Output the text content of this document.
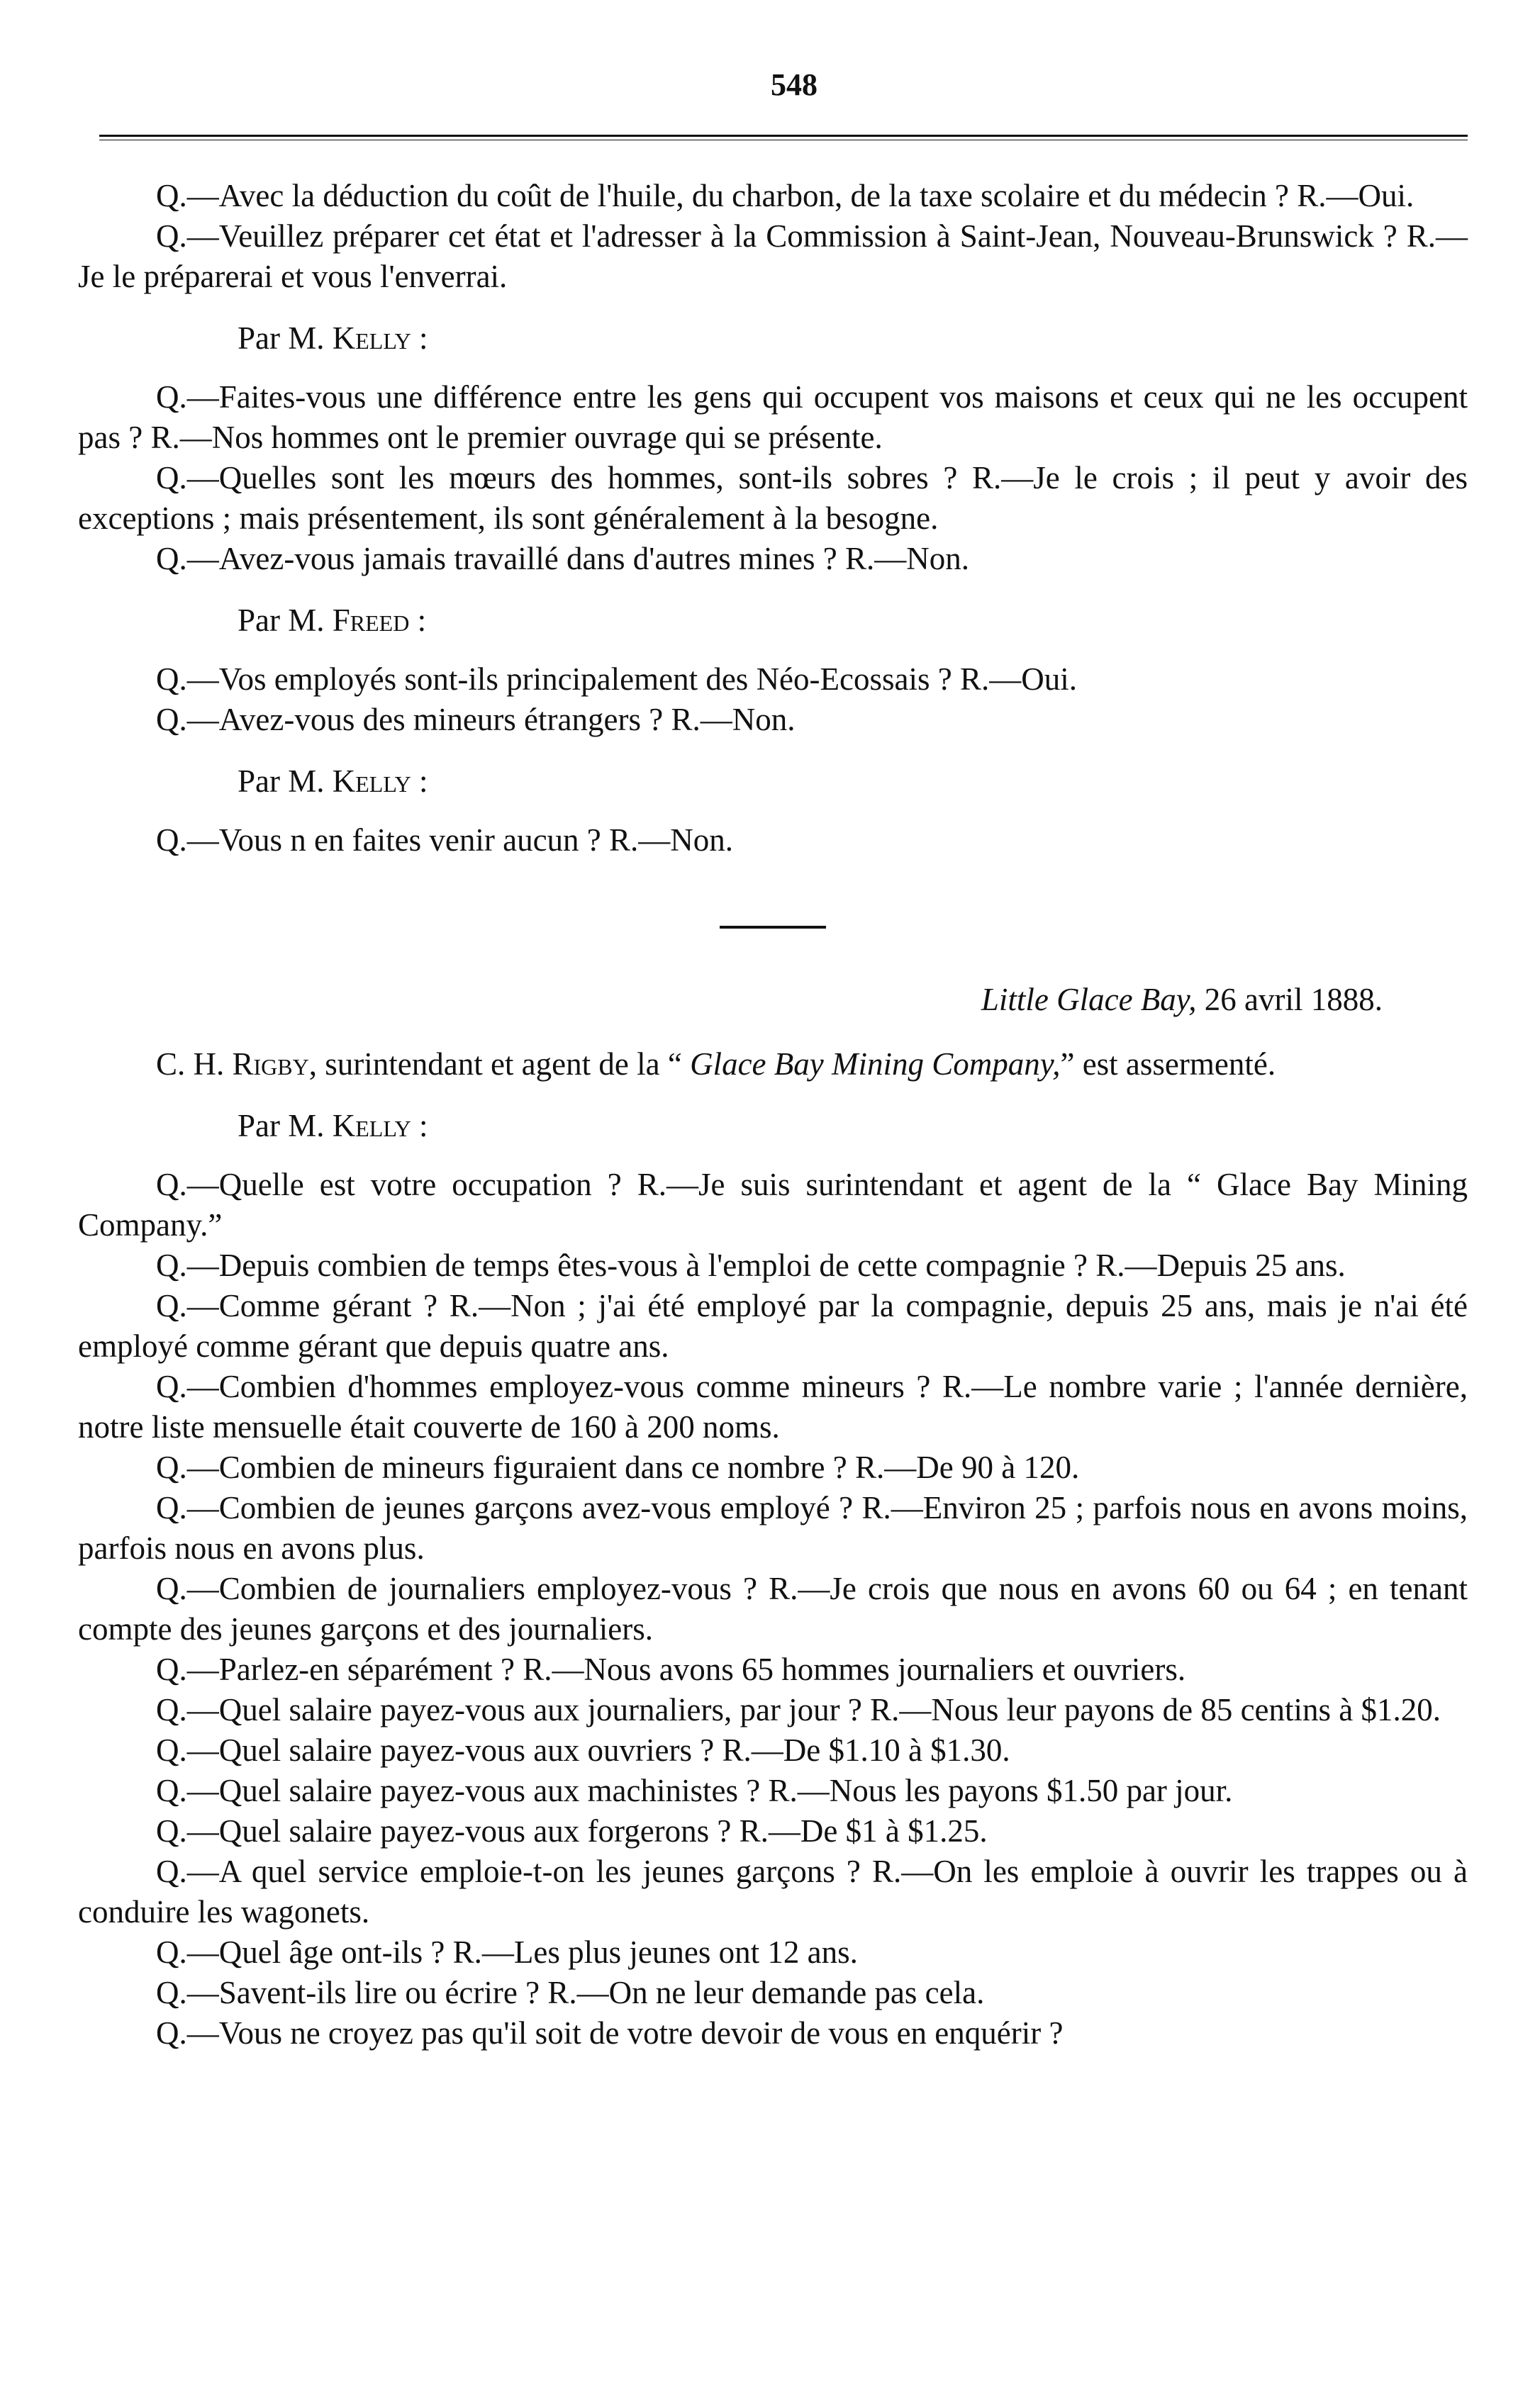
548

Q.—Avec la déduction du coût de l'huile, du charbon, de la taxe scolaire et du médecin ? R.—Oui.

Q.—Veuillez préparer cet état et l'adresser à la Commission à Saint-Jean, Nouveau-Brunswick ? R.—Je le préparerai et vous l'enverrai.

Par M. Kelly :

Q.—Faites-vous une différence entre les gens qui occupent vos maisons et ceux qui ne les occupent pas ? R.—Nos hommes ont le premier ouvrage qui se présente.

Q.—Quelles sont les mœurs des hommes, sont-ils sobres ? R.—Je le crois ; il peut y avoir des exceptions ; mais présentement, ils sont généralement à la besogne.

Q.—Avez-vous jamais travaillé dans d'autres mines ? R.—Non.

Par M. Freed :

Q.—Vos employés sont-ils principalement des Néo-Ecossais ? R.—Oui.

Q.—Avez-vous des mineurs étrangers ? R.—Non.

Par M. Kelly :

Q.—Vous n en faites venir aucun ? R.—Non.

Little Glace Bay, 26 avril 1888.

C. H. Rigby, surintendant et agent de la “ Glace Bay Mining Company,” est assermenté.

Par M. Kelly :

Q.—Quelle est votre occupation ? R.—Je suis surintendant et agent de la “ Glace Bay Mining Company.”

Q.—Depuis combien de temps êtes-vous à l'emploi de cette compagnie ? R.—Depuis 25 ans.

Q.—Comme gérant ? R.—Non ; j'ai été employé par la compagnie, depuis 25 ans, mais je n'ai été employé comme gérant que depuis quatre ans.

Q.—Combien d'hommes employez-vous comme mineurs ? R.—Le nombre varie ; l'année dernière, notre liste mensuelle était couverte de 160 à 200 noms.

Q.—Combien de mineurs figuraient dans ce nombre ? R.—De 90 à 120.

Q.—Combien de jeunes garçons avez-vous employé ? R.—Environ 25 ; parfois nous en avons moins, parfois nous en avons plus.

Q.—Combien de journaliers employez-vous ? R.—Je crois que nous en avons 60 ou 64 ; en tenant compte des jeunes garçons et des journaliers.

Q.—Parlez-en séparément ? R.—Nous avons 65 hommes journaliers et ouvriers.

Q.—Quel salaire payez-vous aux journaliers, par jour ? R.—Nous leur payons de 85 centins à $1.20.

Q.—Quel salaire payez-vous aux ouvriers ? R.—De $1.10 à $1.30.

Q.—Quel salaire payez-vous aux machinistes ? R.—Nous les payons $1.50 par jour.

Q.—Quel salaire payez-vous aux forgerons ? R.—De $1 à $1.25.

Q.—A quel service emploie-t-on les jeunes garçons ? R.—On les emploie à ouvrir les trappes ou à conduire les wagonets.

Q.—Quel âge ont-ils ? R.—Les plus jeunes ont 12 ans.

Q.—Savent-ils lire ou écrire ? R.—On ne leur demande pas cela.

Q.—Vous ne croyez pas qu'il soit de votre devoir de vous en enquérir ?
